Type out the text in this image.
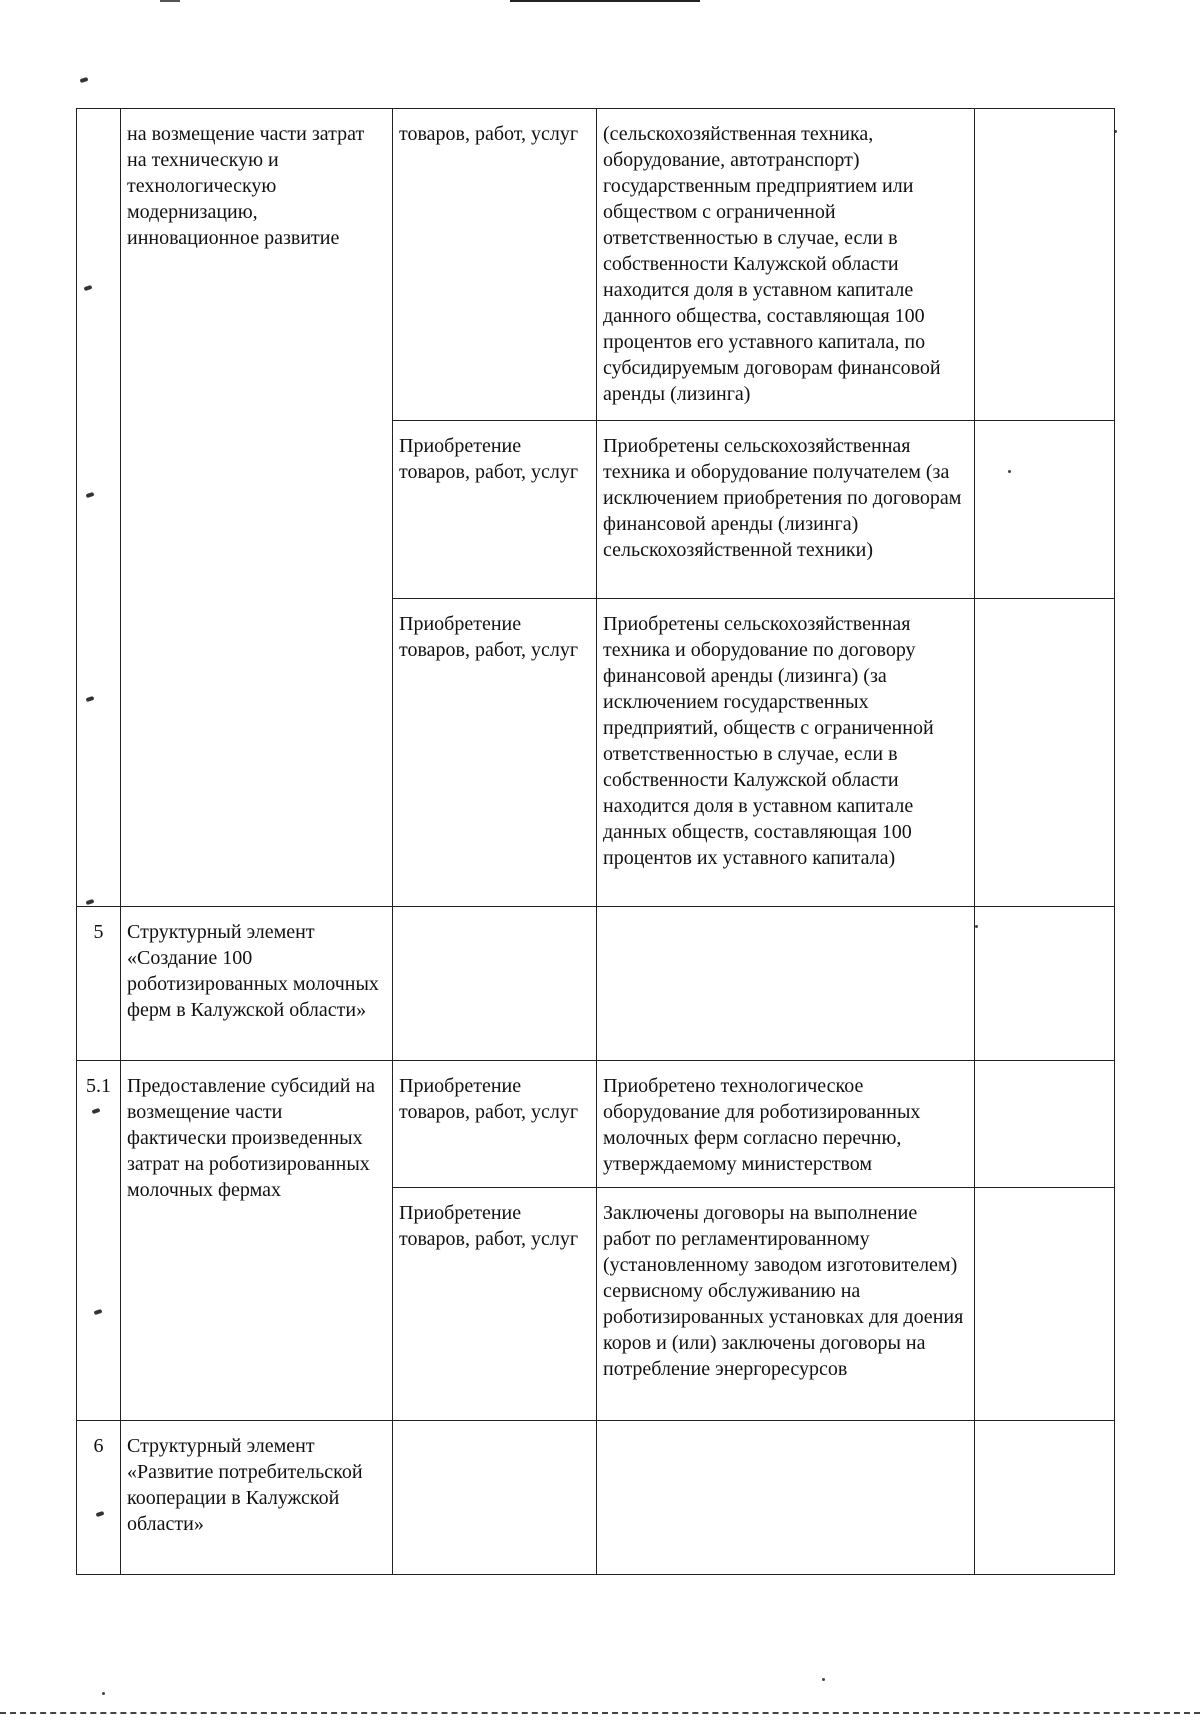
	на возмещение части затрат на техническую и технологическую модернизацию, инновационное развитие	товаров, работ, услуг	(сельскохозяйственная техника, оборудование, автотранспорт) государственным предприятием или обществом с ограниченной ответственностью в случае, если в собственности Калужской области находится доля в уставном капитале данного общества, составляющая 100 процентов его уставного капитала, по субсидируемым договорам финансовой аренды (лизинга)	

		Приобретение товаров, работ, услуг	Приобретены сельскохозяйственная техника и оборудование получателем (за исключением приобретения по договорам финансовой аренды (лизинга) сельскохозяйственной техники)	

		Приобретение товаров, работ, услуг	Приобретены сельскохозяйственная техника и оборудование по договору финансовой аренды (лизинга) (за исключением государственных предприятий, обществ с ограниченной ответственностью в случае, если в собственности Калужской области находится доля в уставном капитале данных обществ, составляющая 100 процентов их уставного капитала)	

5	Структурный элемент «Создание 100 роботизированных молочных ферм в Калужской области»			

5.1	Предоставление субсидий на возмещение части фактически произведенных затрат на роботизированных молочных фермах	Приобретение товаров, работ, услуг	Приобретено технологическое оборудование для роботизированных молочных ферм согласно перечню, утверждаемому министерством	

		Приобретение товаров, работ, услуг	Заключены договоры на выполнение работ по регламентированному (установленному заводом изготовителем) сервисному обслуживанию на роботизированных установках для доения коров и (или) заключены договоры на потребление энергоресурсов	

6	Структурный элемент «Развитие потребительской кооперации в Калужской области»			
